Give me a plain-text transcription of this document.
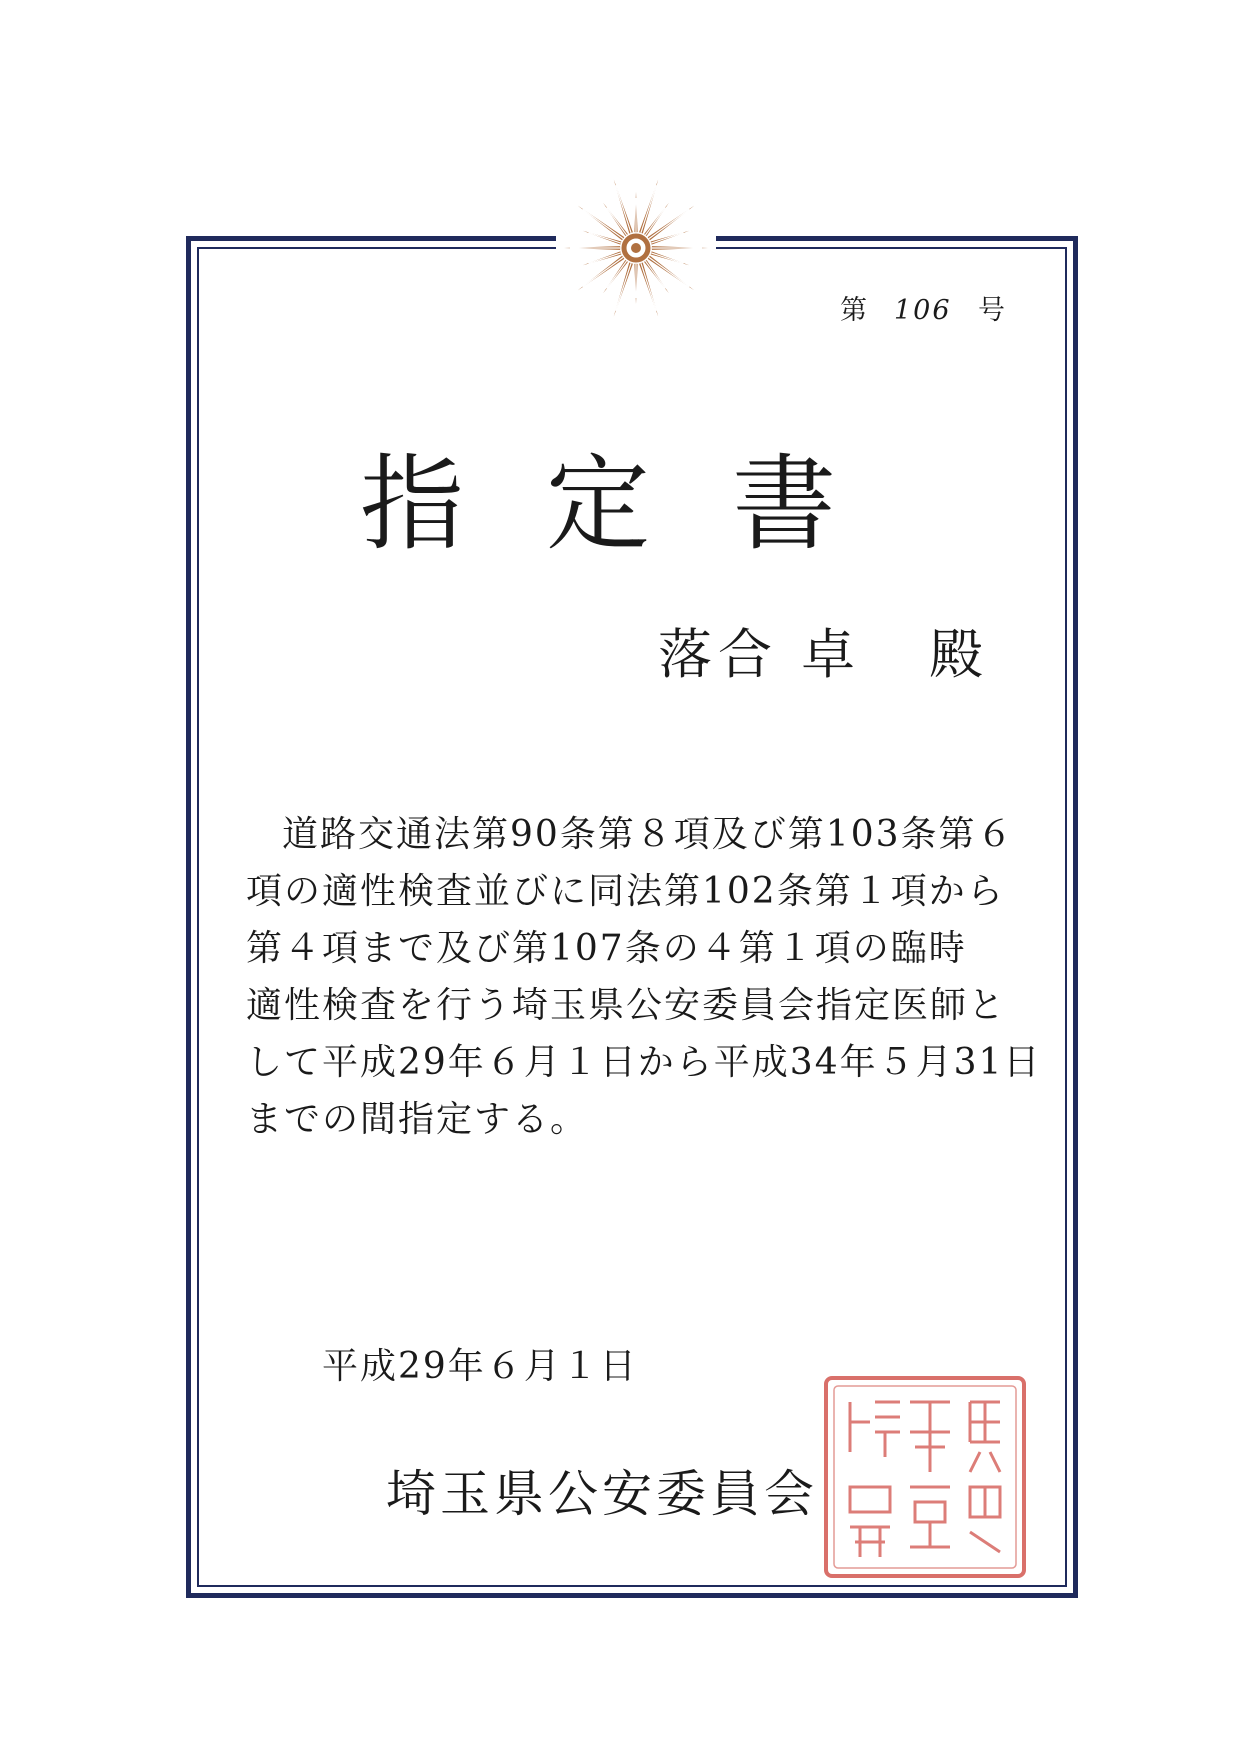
第 106 号
指定書
落合 卓 殿

道路交通法第90条第８項及び第103条第６

項の適性検査並びに同法第102条第１項から

第４項まで及び第107条の４第１項の臨時

適性検査を行う埼玉県公安委員会指定医師と

して平成29年６月１日から平成34年５月31日

までの間指定する。

平成29年６月１日
埼玉県公安委員会
